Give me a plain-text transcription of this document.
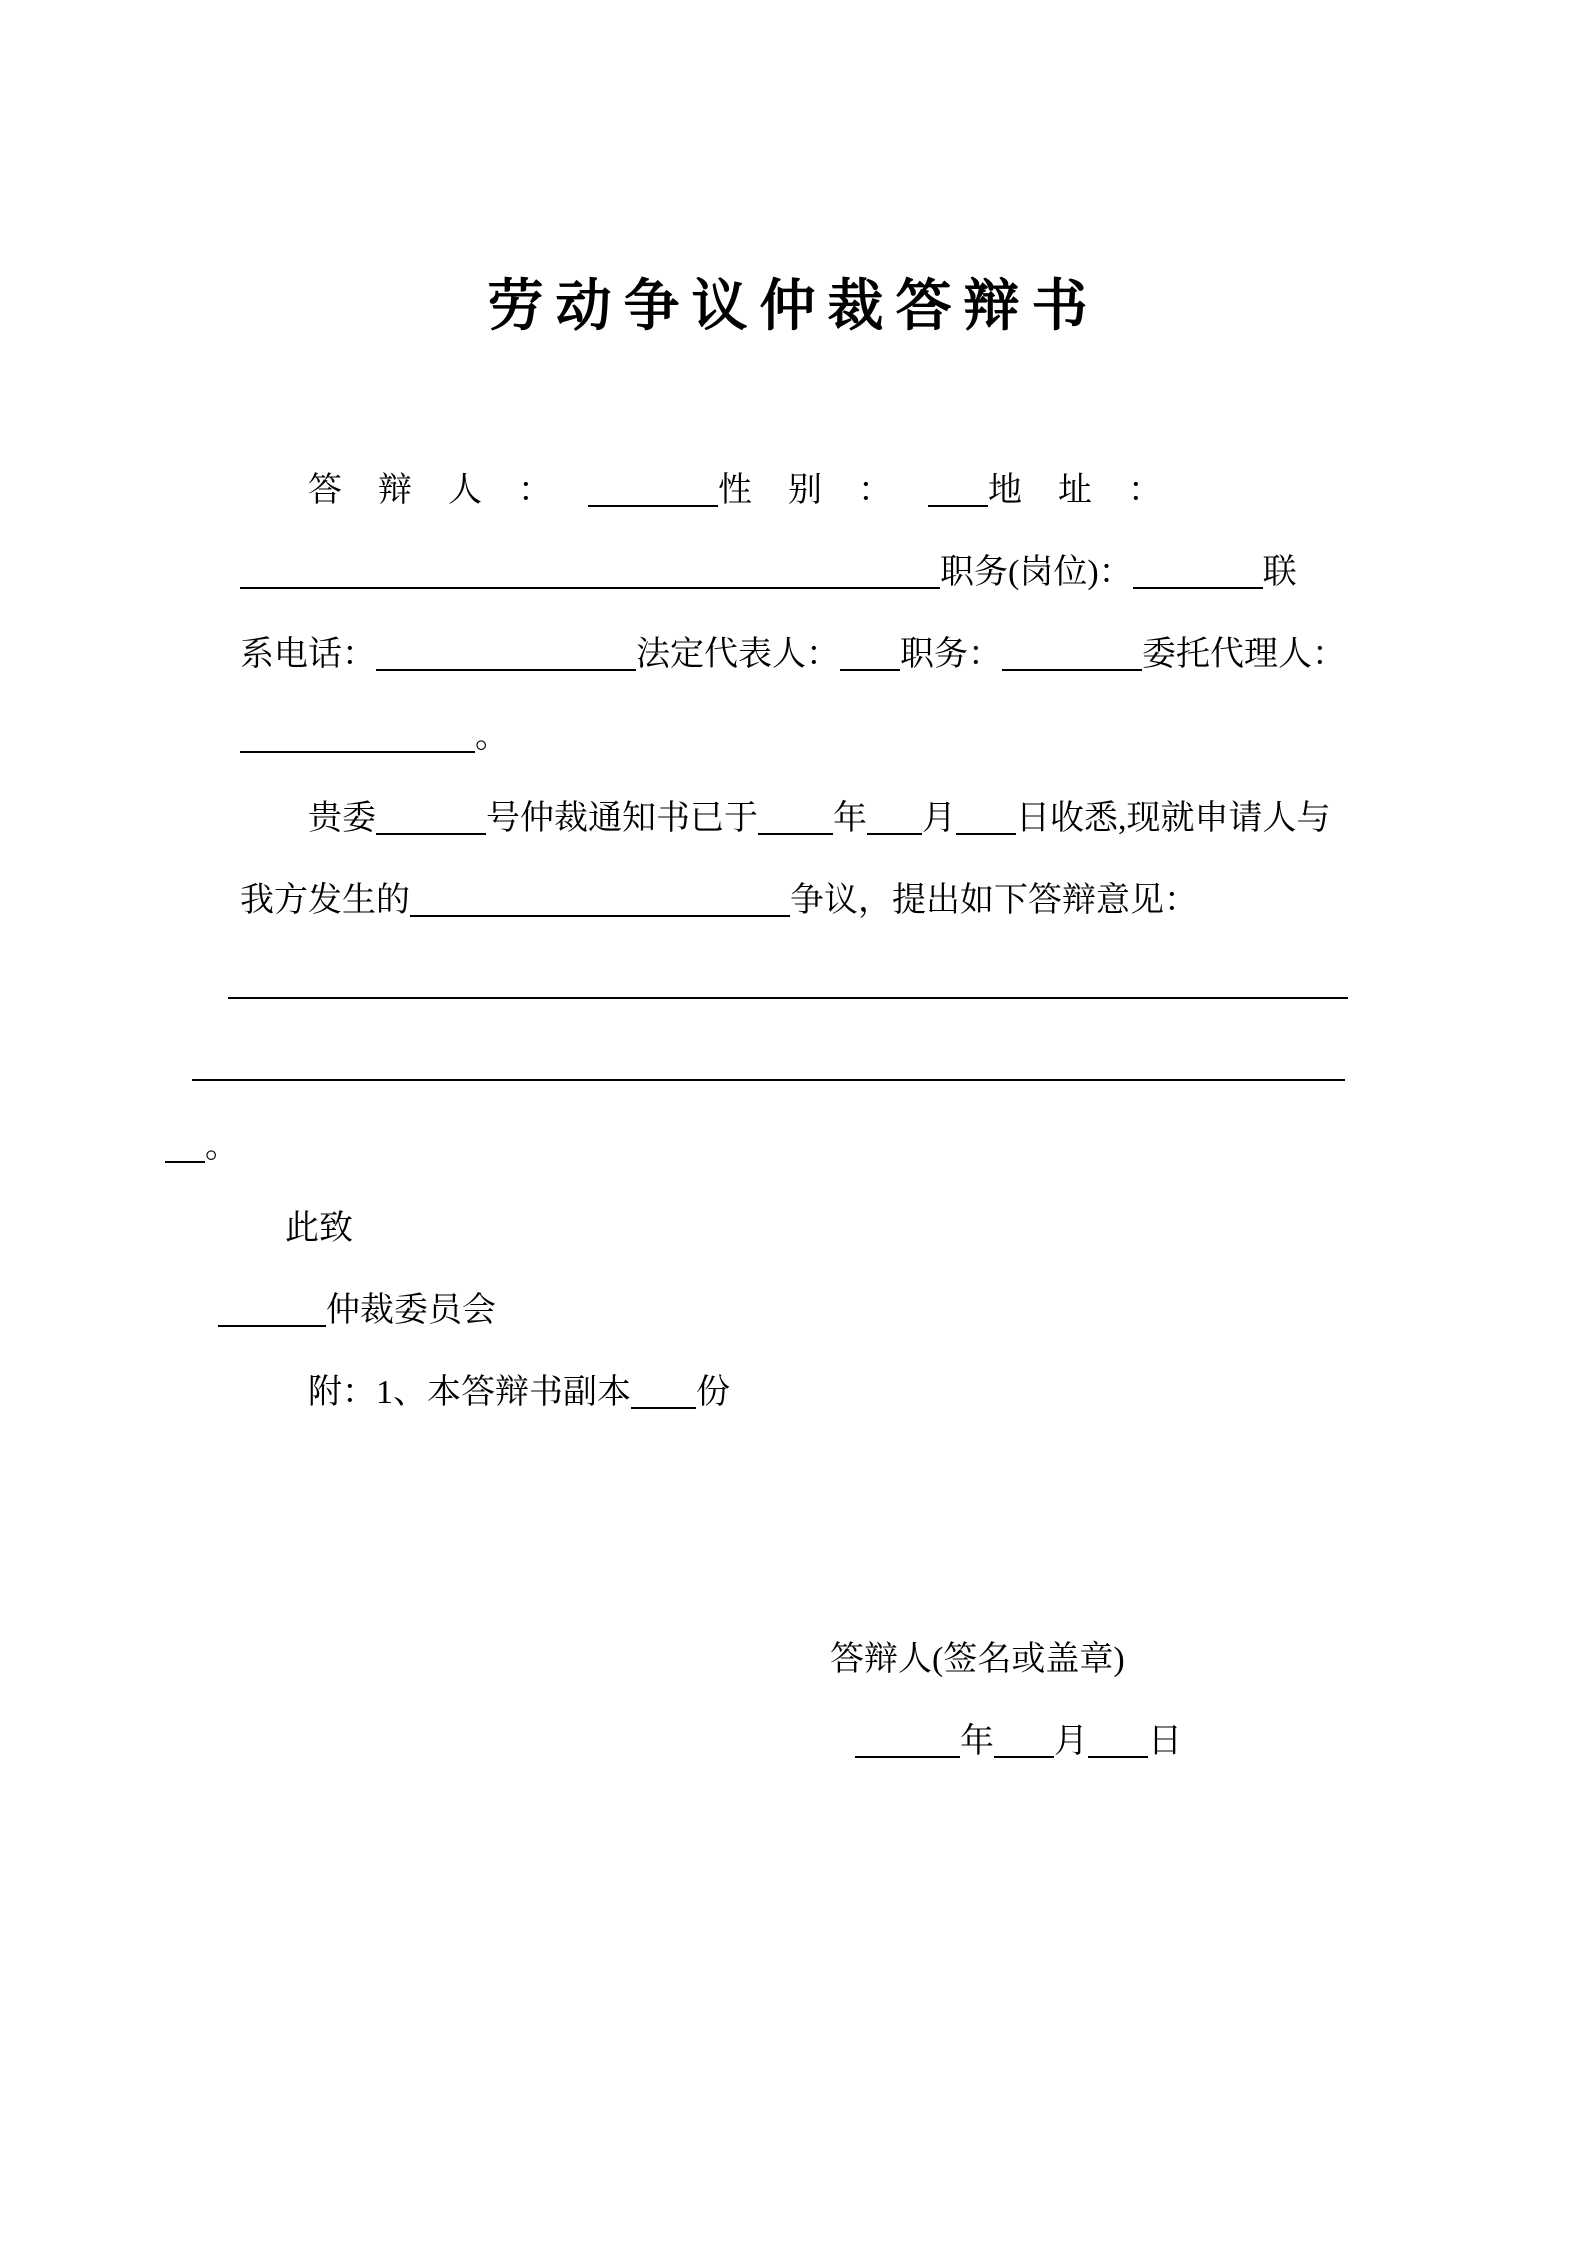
劳动争议仲裁答辩书
答辩人：	性别： 地址：
职务(岗位)：	联
系电话：	法定代表人： 职务：	委托代理人：
。
贵委	号仲裁通知书已于 年 月 日收悉,现就申请人与
我方发生的	争议，提出如下答辩意见：
。
此致
仲裁委员会
附：1、本答辩书副本 份
答辩人(签名或盖章)
年 月 日
